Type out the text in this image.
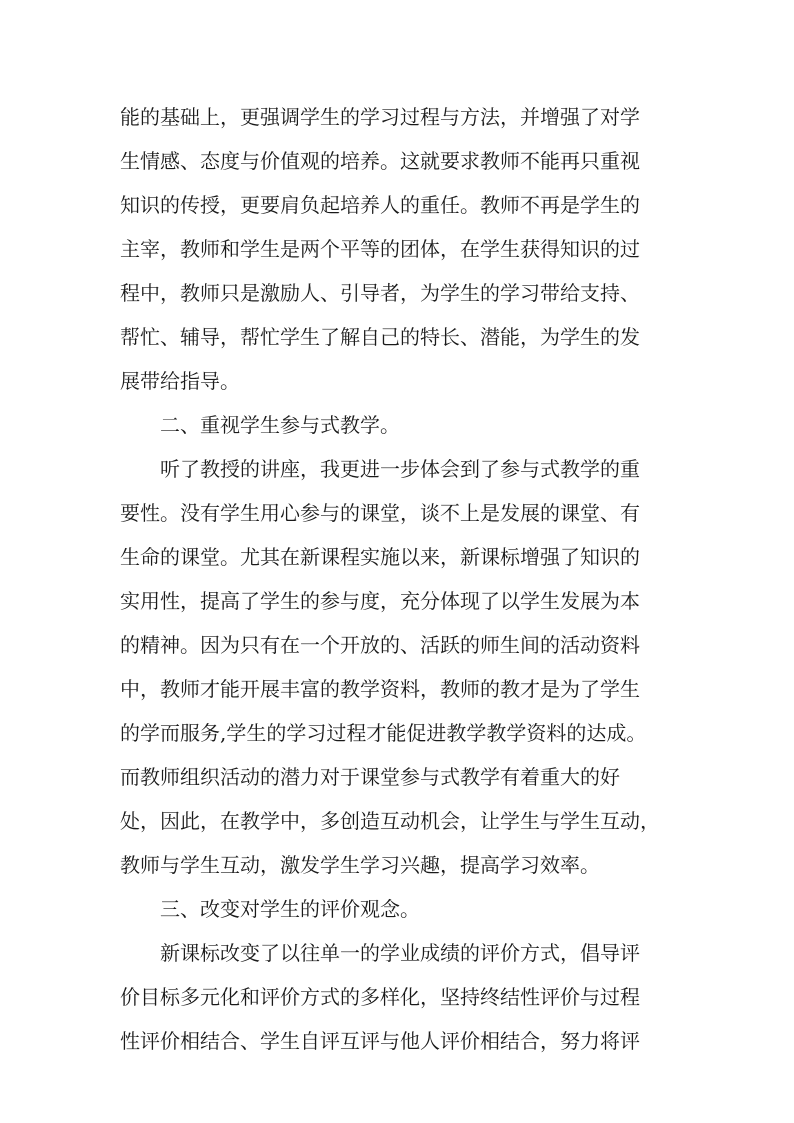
能的基础上，更强调学生的学习过程与方法，并增强了对学
生情感、态度与价值观的培养。这就要求教师不能再只重视
知识的传授，更要肩负起培养人的重任。教师不再是学生的
主宰，教师和学生是两个平等的团体，在学生获得知识的过
程中，教师只是激励人、引导者，为学生的学习带给支持、
帮忙、辅导，帮忙学生了解自己的特长、潜能，为学生的发
展带给指导。
二、重视学生参与式教学。
听了教授的讲座，我更进一步体会到了参与式教学的重
要性。没有学生用心参与的课堂，谈不上是发展的课堂、有
生命的课堂。尤其在新课程实施以来，新课标增强了知识的
实用性，提高了学生的参与度，充分体现了以学生发展为本
的精神。因为只有在一个开放的、活跃的师生间的活动资料
中，教师才能开展丰富的教学资料，教师的教才是为了学生
的学而服务,学生的学习过程才能促进教学教学资料的达成。
而教师组织活动的潜力对于课堂参与式教学有着重大的好
处，因此，在教学中，多创造互动机会，让学生与学生互动，
教师与学生互动，激发学生学习兴趣，提高学习效率。
三、改变对学生的评价观念。
新课标改变了以往单一的学业成绩的评价方式，倡导评
价目标多元化和评价方式的多样化，坚持终结性评价与过程
性评价相结合、学生自评互评与他人评价相结合，努力将评
